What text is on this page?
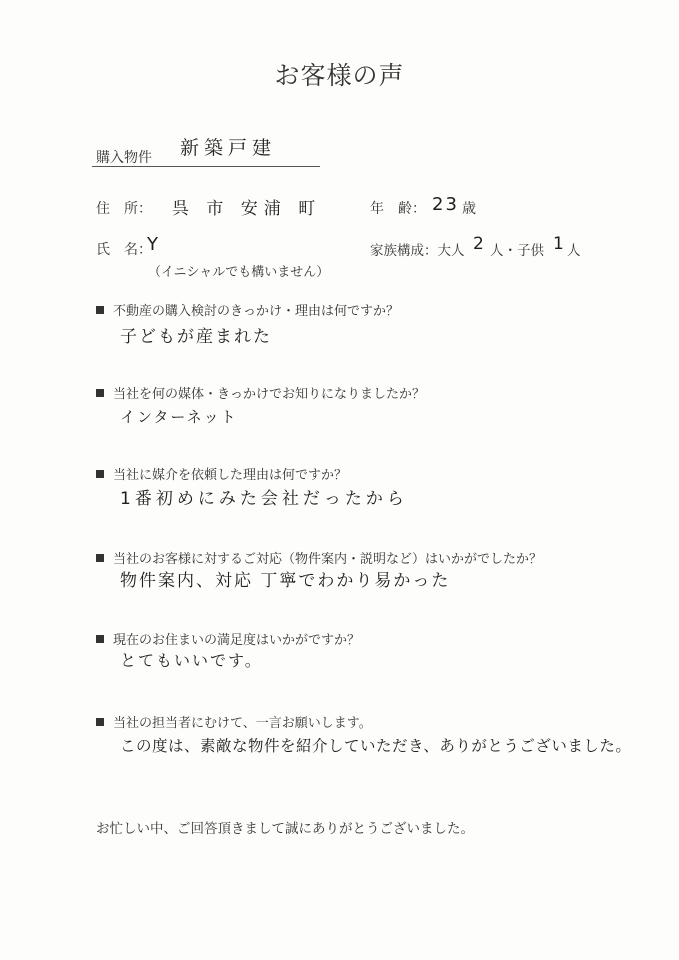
お客様の声
購入物件 新築戸建
住　所： 呉 市 安浦 町	年　齢： 23 歳
氏　名：
Y
（イニシャルでも構いません）
家族構成：大人 2 人・子供 1 人
不動産の購入検討のきっかけ・理由は何ですか？
子どもが産まれた
当社を何の媒体・きっかけでお知りになりましたか？
インターネット
当社に媒介を依頼した理由は何ですか？
1番初めにみた会社だったから
当社のお客様に対するご対応（物件案内・説明など）はいかがでしたか？
物件案内、対応 丁寧でわかり易かった
現在のお住まいの満足度はいかがですか？
とてもいいです。
当社の担当者にむけて、一言お願いします。
この度は、素敵な物件を紹介していただき、ありがとうございました。
お忙しい中、ご回答頂きまして誠にありがとうございました。
